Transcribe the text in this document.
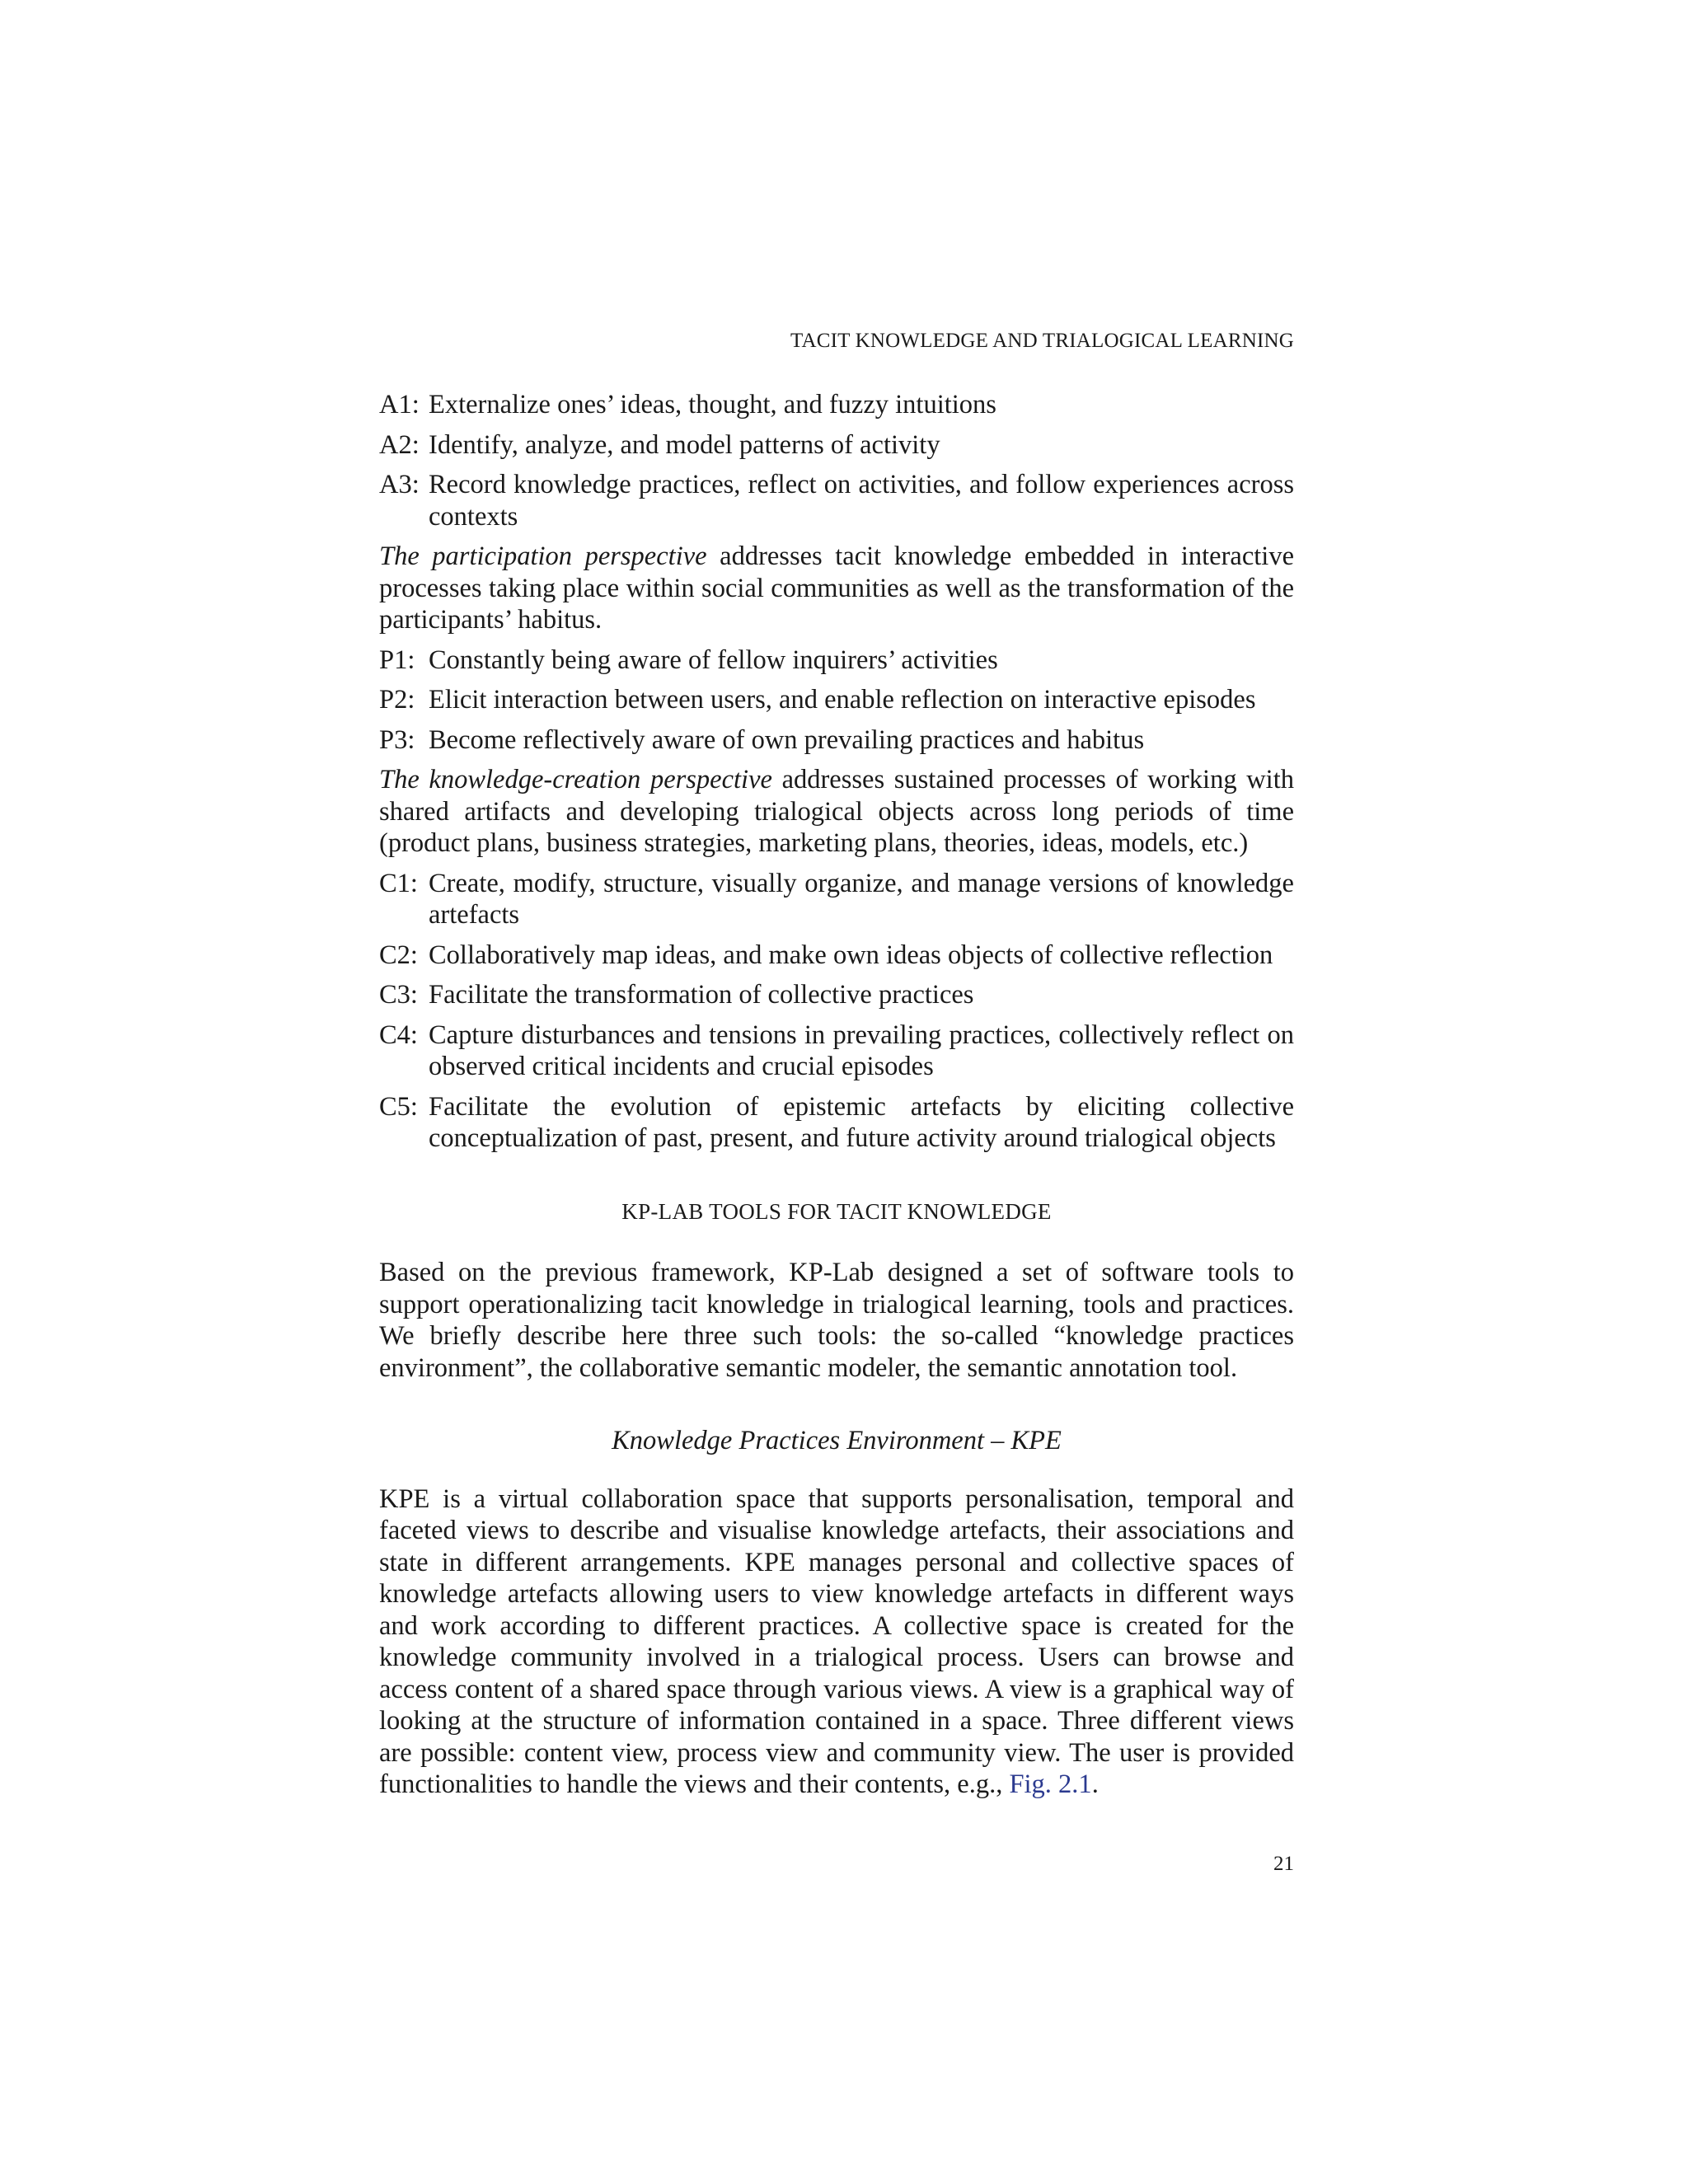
TACIT KNOWLEDGE AND TRIALOGICAL LEARNING
A1: Externalize ones’ ideas, thought, and fuzzy intuitions
A2: Identify, analyze, and model patterns of activity
A3: Record knowledge practices, reflect on activities, and follow experiences across contexts

The participation perspective addresses tacit knowledge embedded in interactive processes taking place within social communities as well as the transformation of the participants’ habitus.

P1: Constantly being aware of fellow inquirers’ activities
P2: Elicit interaction between users, and enable reflection on interactive episodes
P3: Become reflectively aware of own prevailing practices and habitus

The knowledge-creation perspective addresses sustained processes of working with shared artifacts and developing trialogical objects across long periods of time (product plans, business strategies, marketing plans, theories, ideas, models, etc.)

C1: Create, modify, structure, visually organize, and manage versions of knowledge artefacts
C2: Collaboratively map ideas, and make own ideas objects of collective reflection
C3: Facilitate the transformation of collective practices
C4: Capture disturbances and tensions in prevailing practices, collectively reflect on observed critical incidents and crucial episodes
C5: Facilitate the evolution of epistemic artefacts by eliciting collective conceptualization of past, present, and future activity around trialogical objects
KP-LAB TOOLS FOR TACIT KNOWLEDGE

Based on the previous framework, KP-Lab designed a set of software tools to support operationalizing tacit knowledge in trialogical learning, tools and practices. We briefly describe here three such tools: the so-called “knowledge practices environment”, the collaborative semantic modeler, the semantic annotation tool.

Knowledge Practices Environment – KPE

KPE is a virtual collaboration space that supports personalisation, temporal and faceted views to describe and visualise knowledge artefacts, their associations and state in different arrangements. KPE manages personal and collective spaces of knowledge artefacts allowing users to view knowledge artefacts in different ways and work according to different practices. A collective space is created for the knowledge community involved in a trialogical process. Users can browse and access content of a shared space through various views. A view is a graphical way of looking at the structure of information contained in a space. Three different views are possible: content view, process view and community view. The user is provided functionalities to handle the views and their contents, e.g., Fig. 2.1.

21
